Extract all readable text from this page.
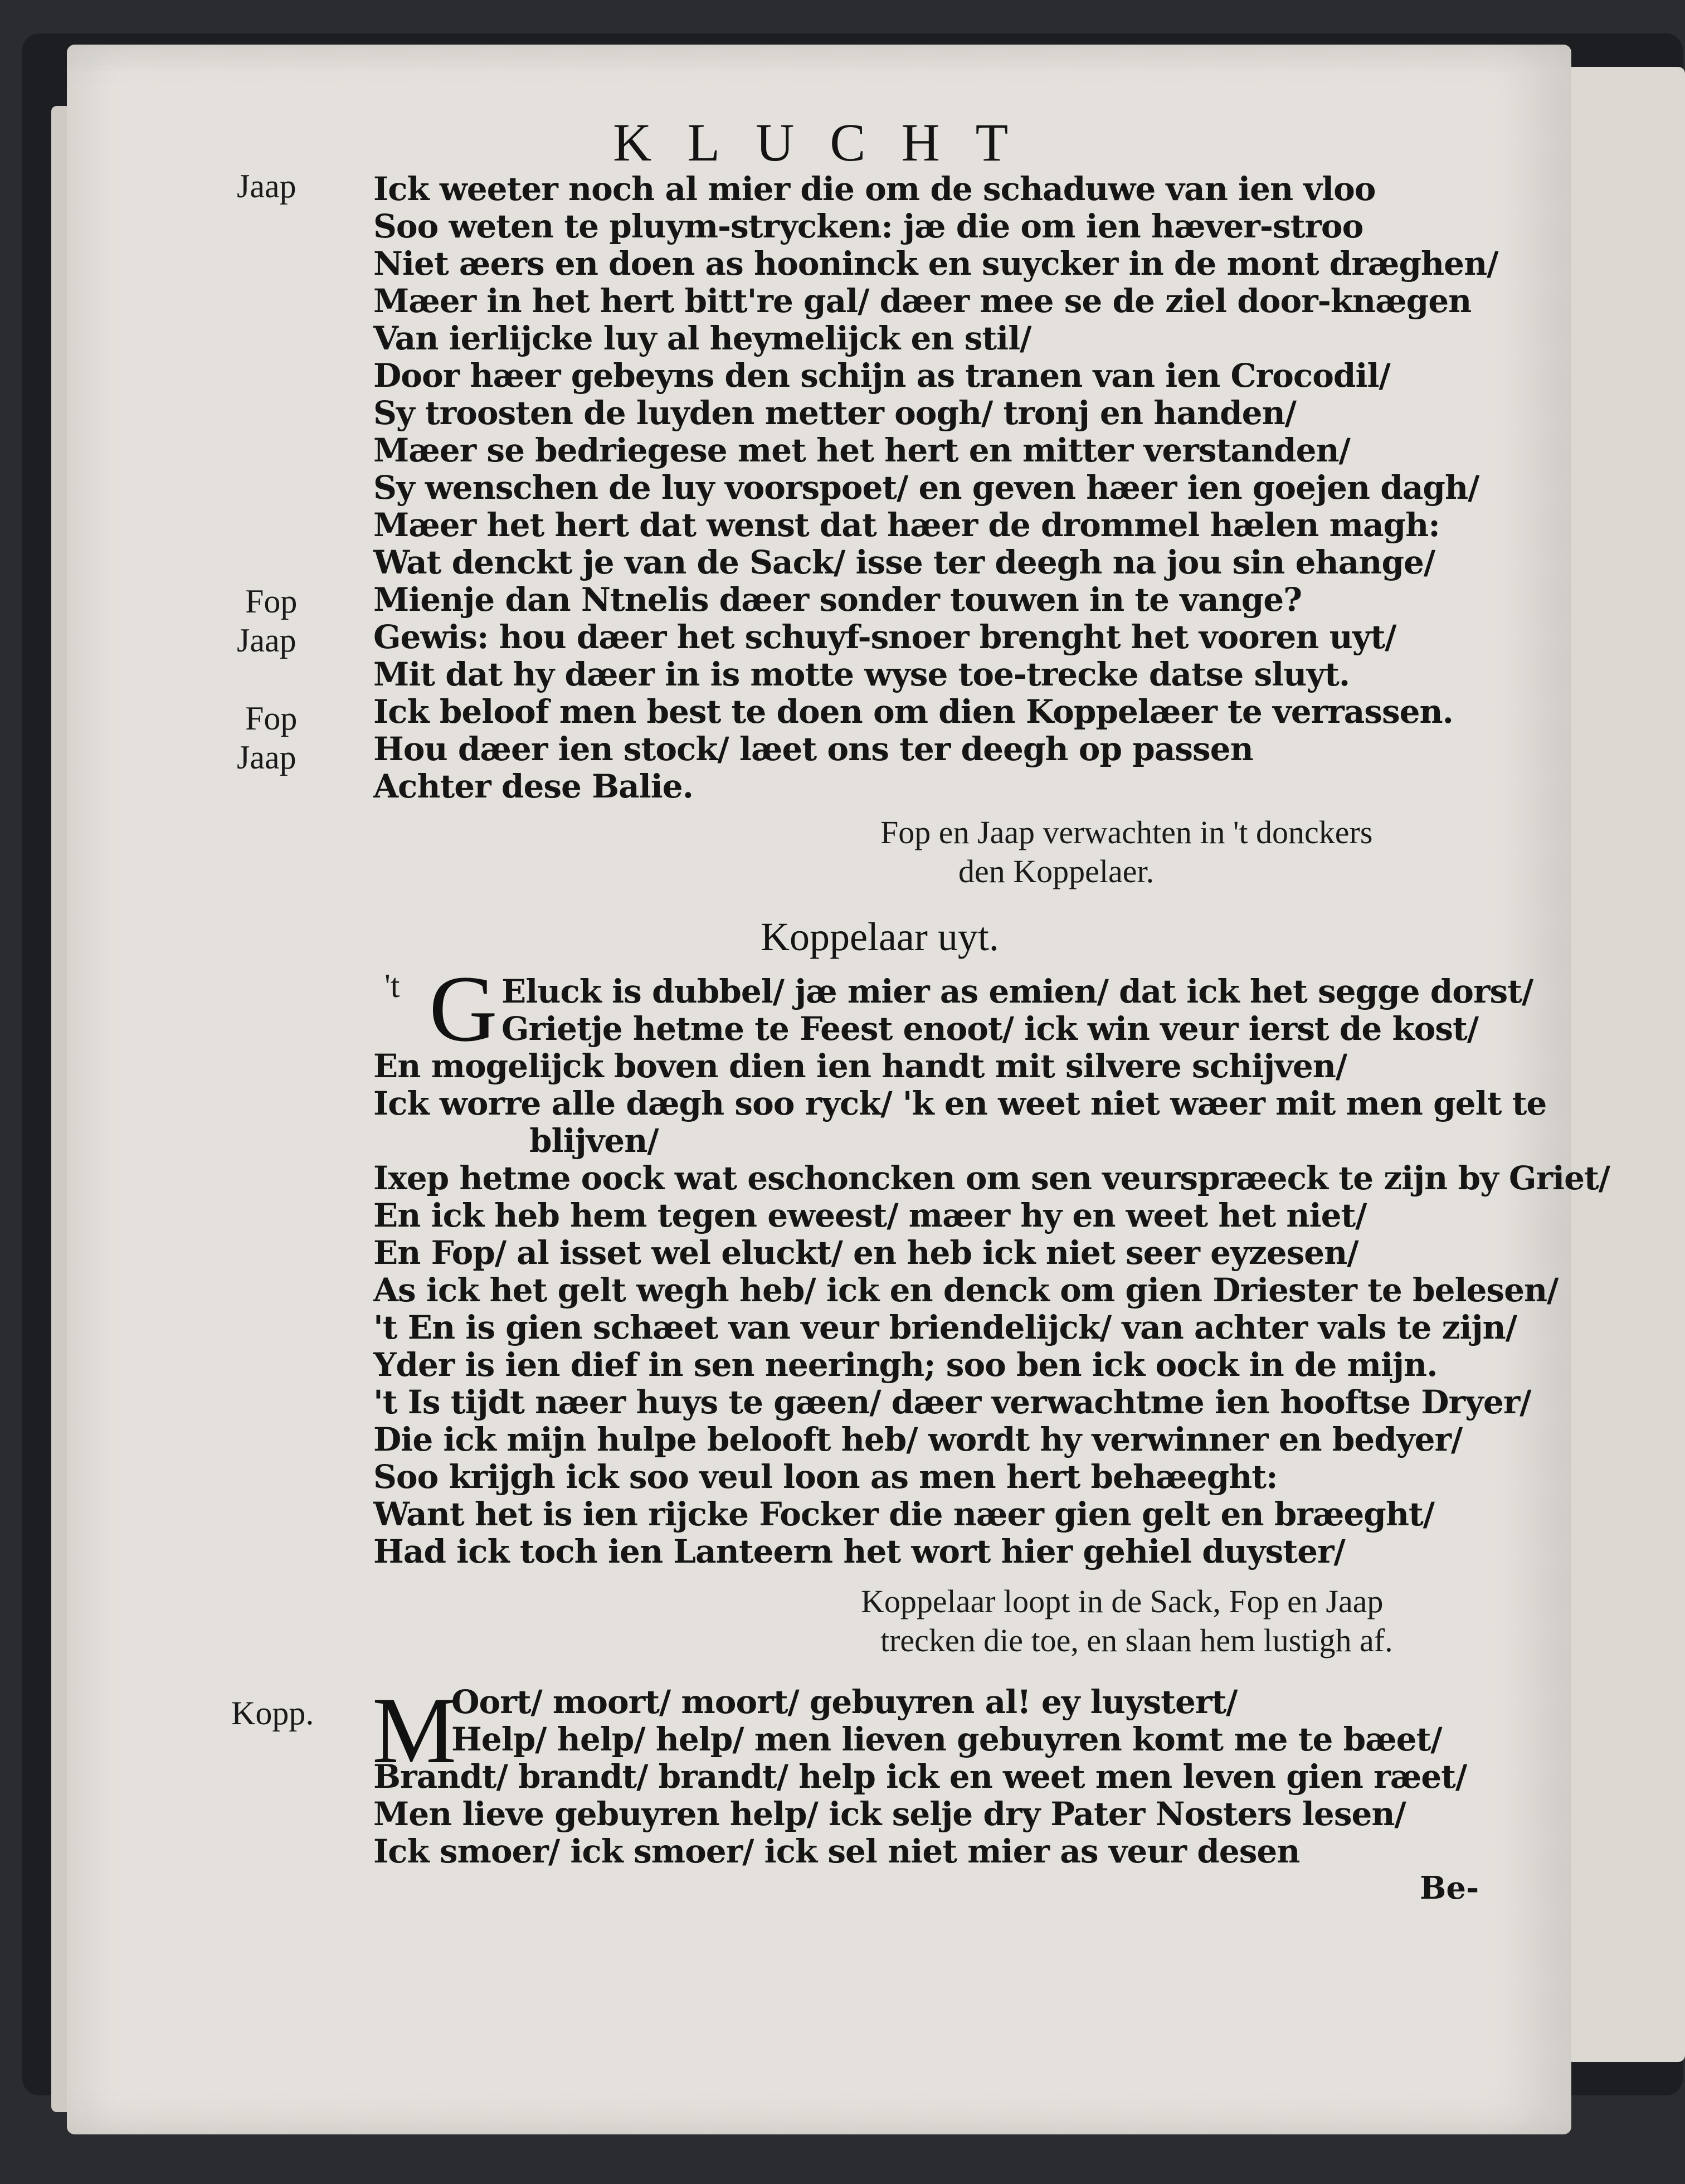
KLUCHT
Jaap
Fop
Jaap
Fop
Jaap
Ick weeter noch al mier die om de schaduwe van ien vloo
Soo weten te pluym-strycken: jæ die om ien hæver-stroo
Niet æers en doen as hooninck en suycker in de mont dræghen/
Mæer in het hert bitt're gal/ dæer mee se de ziel door-knægen
Van ierlijcke luy al heymelijck en stil/
Door hæer gebeyns den schijn as tranen van ien Crocodil/
Sy troosten de luyden metter oogh/ tronj en handen/
Mæer se bedriegese met het hert en mitter verstanden/
Sy wenschen de luy voorspoet/ en geven hæer ien goejen dagh/
Mæer het hert dat wenst dat hæer de drommel hælen magh:
Wat denckt je van de Sack/ isse ter deegh na jou sin ehange/
Mienje dan Ntnelis dæer sonder touwen in te vange?
Gewis: hou dæer het schuyf-snoer brenght het vooren uyt/
Mit dat hy dæer in is motte wyse toe-trecke datse sluyt.
Ick beloof men best te doen om dien Koppelæer te verrassen.
Hou dæer ien stock/ læet ons ter deegh op passen
Achter dese Balie.
Fop en Jaap verwachten in 't donckers
den Koppelaer.
Koppelaar uyt.
't G Eluck is dubbel/ jæ mier as emien/ dat ick het segge dorst/
Grietje hetme te Feest enoot/ ick win veur ierst de kost/
En mogelijck boven dien ien handt mit silvere schijven/
Ick worre alle dægh soo ryck/ 'k en weet niet wæer mit men gelt te
blijven/
Ixep hetme oock wat eschoncken om sen veurspræeck te zijn by Griet/
En ick heb hem tegen eweest/ mæer hy en weet het niet/
En Fop/ al isset wel eluckt/ en heb ick niet seer eyzesen/
As ick het gelt wegh heb/ ick en denck om gien Driester te belesen/
't En is gien schæet van veur briendelijck/ van achter vals te zijn/
Yder is ien dief in sen neeringh; soo ben ick oock in de mijn.
't Is tijdt næer huys te gæen/ dæer verwachtme ien hooftse Dryer/
Die ick mijn hulpe belooft heb/ wordt hy verwinner en bedyer/
Soo krijgh ick soo veul loon as men hert behæeght:
Want het is ien rijcke Focker die næer gien gelt en bræeght/
Had ick toch ien Lanteern het wort hier gehiel duyster/
Koppelaar loopt in de Sack, Fop en Jaap
trecken die toe, en slaan hem lustigh af.
Kopp. M
Oort/ moort/ moort/ gebuyren al! ey luystert/
Help/ help/ help/ men lieven gebuyren komt me te bæet/
Brandt/ brandt/ brandt/ help ick en weet men leven gien ræet/
Men lieve gebuyren help/ ick selje dry Pater Nosters lesen/
Ick smoer/ ick smoer/ ick sel niet mier as veur desen
Be-
